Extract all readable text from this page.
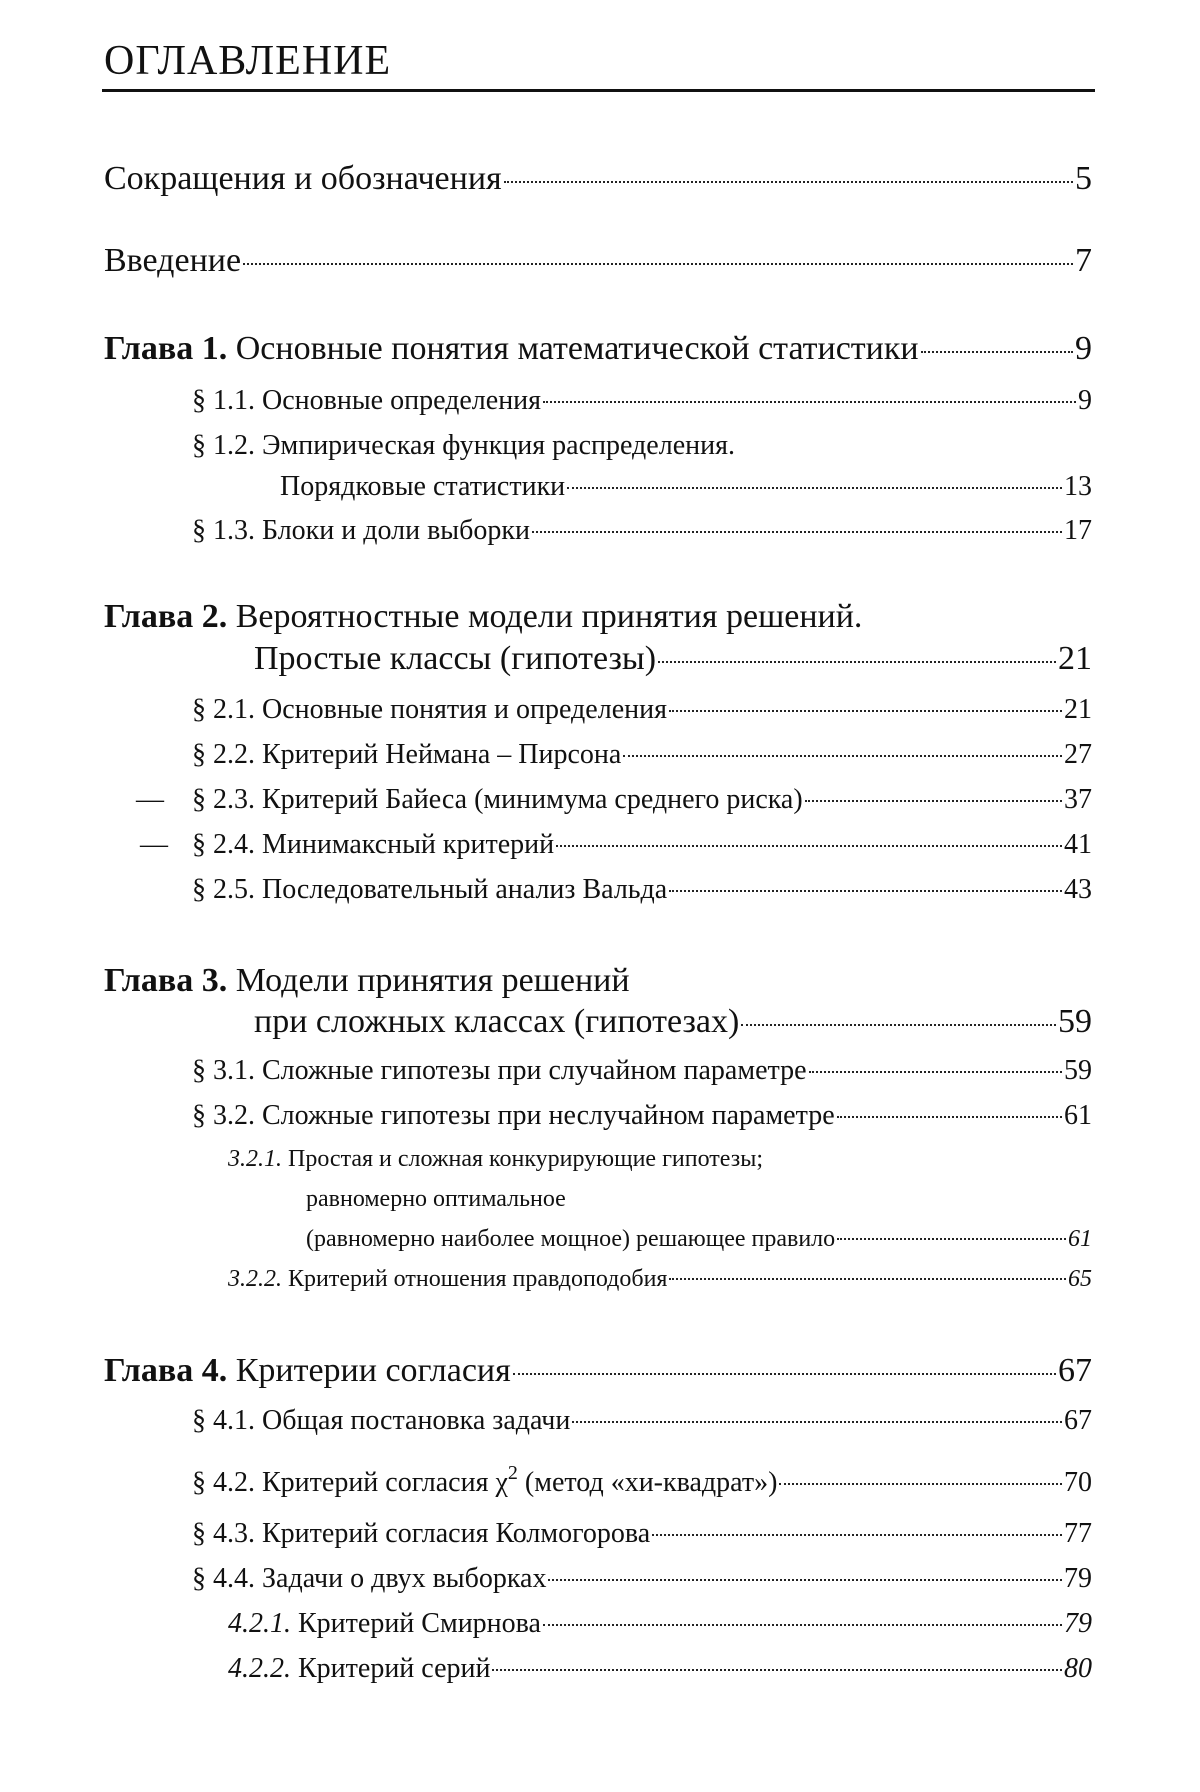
ОГЛАВЛЕНИЕ
Сокращения и обозначения	5
Введение	7
Глава 1.
Основные понятия математической статистики	9
§ 1.1.
Основные определения	9
§ 1.2. Эмпирическая функция распределения.
Порядковые статистики	13
§ 1.3.
Блоки и доли выборки	17
Глава 2. Вероятностные модели принятия решений.
Простые классы (гипотезы)	21
§ 2.1.
Основные понятия и определения	21
§ 2.2.
Критерий Неймана – Пирсона	27
— § 2.3.
Критерий Байеса (минимума среднего риска)	37
— § 2.4.
Минимаксный критерий	41
§ 2.5.
Последовательный анализ Вальда	43
Глава 3. Модели принятия решений
при сложных классах (гипотезах)	59
§ 3.1.
Сложные гипотезы при случайном параметре	59
§ 3.2.
Сложные гипотезы при неслучайном параметре	61
3.2.1. Простая и сложная конкурирующие гипотезы;
равномерно оптимальное
(равномерно наиболее мощное) решающее правило	61
3.2.2.
Критерий отношения правдоподобия	65
Глава 4.
Критерии согласия	67
§ 4.1.
Общая постановка задачи	67
§ 4.2.
Критерий согласия
$\chi^2$
(метод «хи-квадрат»)	70
§ 4.3.
Критерий согласия Колмогорова	77
§ 4.4.
Задачи о двух выборках	79
4.2.1.
Критерий Смирнова	79
4.2.2.
Критерий серий	80
